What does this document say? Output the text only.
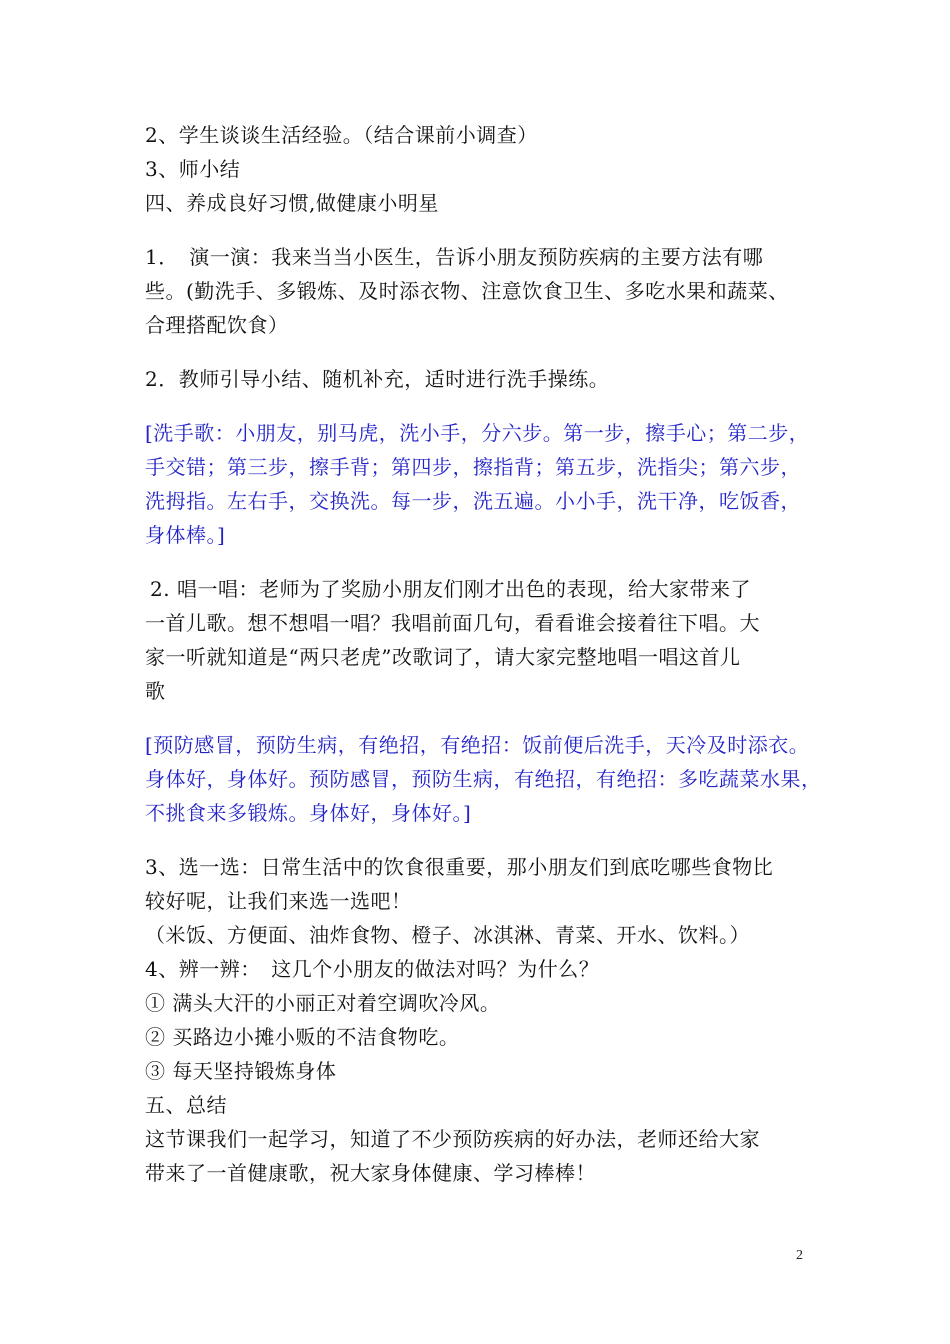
2、学生谈谈生活经验。（结合课前小调查）
3、师小结
四、养成良好习惯,做健康小明星
1．　演一演：我来当当小医生，告诉小朋友预防疾病的主要方法有哪
些。(勤洗手、多锻炼、及时添衣物、注意饮食卫生、多吃水果和蔬菜、
合理搭配饮食）
2．教师引导小结、随机补充，适时进行洗手操练。
[洗手歌：小朋友，别马虎，洗小手，分六步。第一步，擦手心；第二步，
手交错；第三步，擦手背；第四步，擦指背；第五步，洗指尖；第六步，
洗拇指。左右手，交换洗。每一步，洗五遍。小小手，洗干净，吃饭香，
身体棒。]
2. 唱一唱：老师为了奖励小朋友们刚才出色的表现，给大家带来了
一首儿歌。想不想唱一唱？我唱前面几句，看看谁会接着往下唱。大
家一听就知道是“两只老虎”改歌词了，请大家完整地唱一唱这首儿
歌
[预防感冒，预防生病，有绝招，有绝招：饭前便后洗手，天冷及时添衣。
身体好，身体好。预防感冒，预防生病，有绝招，有绝招：多吃蔬菜水果，
不挑食来多锻炼。身体好，身体好。]
3、选一选：日常生活中的饮食很重要，那小朋友们到底吃哪些食物比
较好呢，让我们来选一选吧！
（米饭、方便面、油炸食物、橙子、冰淇淋、青菜、开水、饮料。）
4、辨一辨：　这几个小朋友的做法对吗？为什么？
① 满头大汗的小丽正对着空调吹冷风。
② 买路边小摊小贩的不洁食物吃。
③ 每天坚持锻炼身体
五、总结
这节课我们一起学习，知道了不少预防疾病的好办法，老师还给大家
带来了一首健康歌，祝大家身体健康、学习棒棒！
2
